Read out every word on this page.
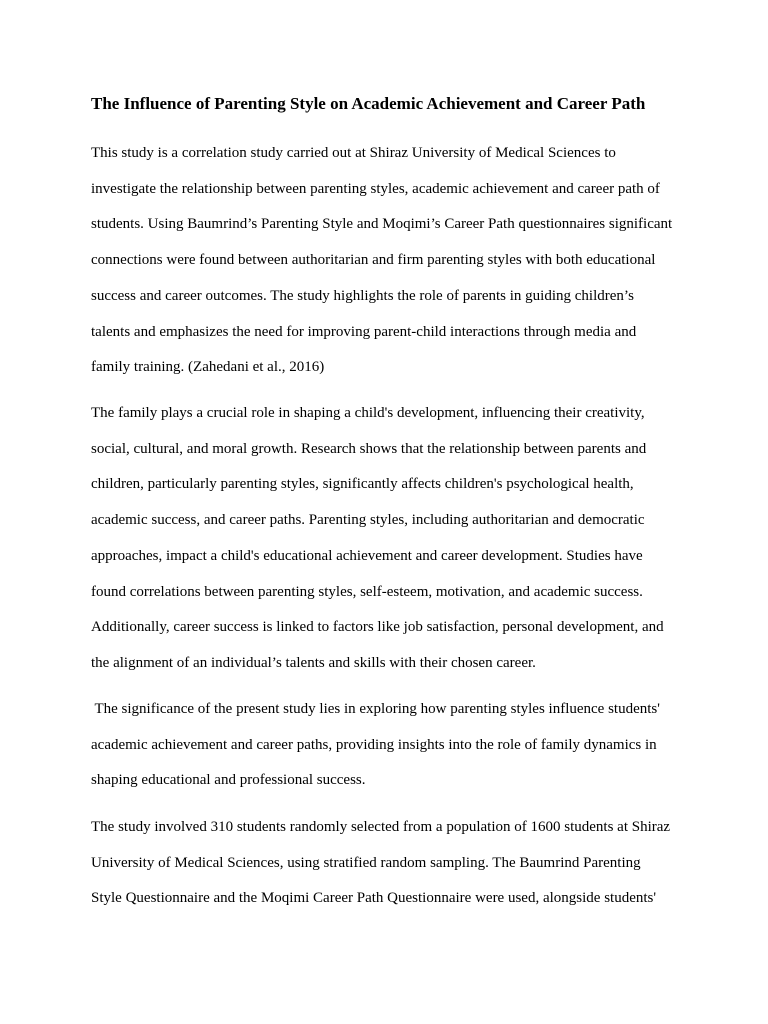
The Influence of Parenting Style on Academic Achievement and Career Path

This study is a correlation study carried out at Shiraz University of Medical Sciences to
investigate the relationship between parenting styles, academic achievement and career path of
students. Using Baumrind’s Parenting Style and Moqimi’s Career Path questionnaires significant
connections were found between authoritarian and firm parenting styles with both educational
success and career outcomes. The study highlights the role of parents in guiding children’s
talents and emphasizes the need for improving parent-child interactions through media and
family training. (Zahedani et al., 2016)

The family plays a crucial role in shaping a child's development, influencing their creativity,
social, cultural, and moral growth. Research shows that the relationship between parents and
children, particularly parenting styles, significantly affects children's psychological health,
academic success, and career paths. Parenting styles, including authoritarian and democratic
approaches, impact a child's educational achievement and career development. Studies have
found correlations between parenting styles, self-esteem, motivation, and academic success.
Additionally, career success is linked to factors like job satisfaction, personal development, and
the alignment of an individual’s talents and skills with their chosen career.

The significance of the present study lies in exploring how parenting styles influence students'
academic achievement and career paths, providing insights into the role of family dynamics in
shaping educational and professional success.

The study involved 310 students randomly selected from a population of 1600 students at Shiraz
University of Medical Sciences, using stratified random sampling. The Baumrind Parenting
Style Questionnaire and the Moqimi Career Path Questionnaire were used, alongside students'
